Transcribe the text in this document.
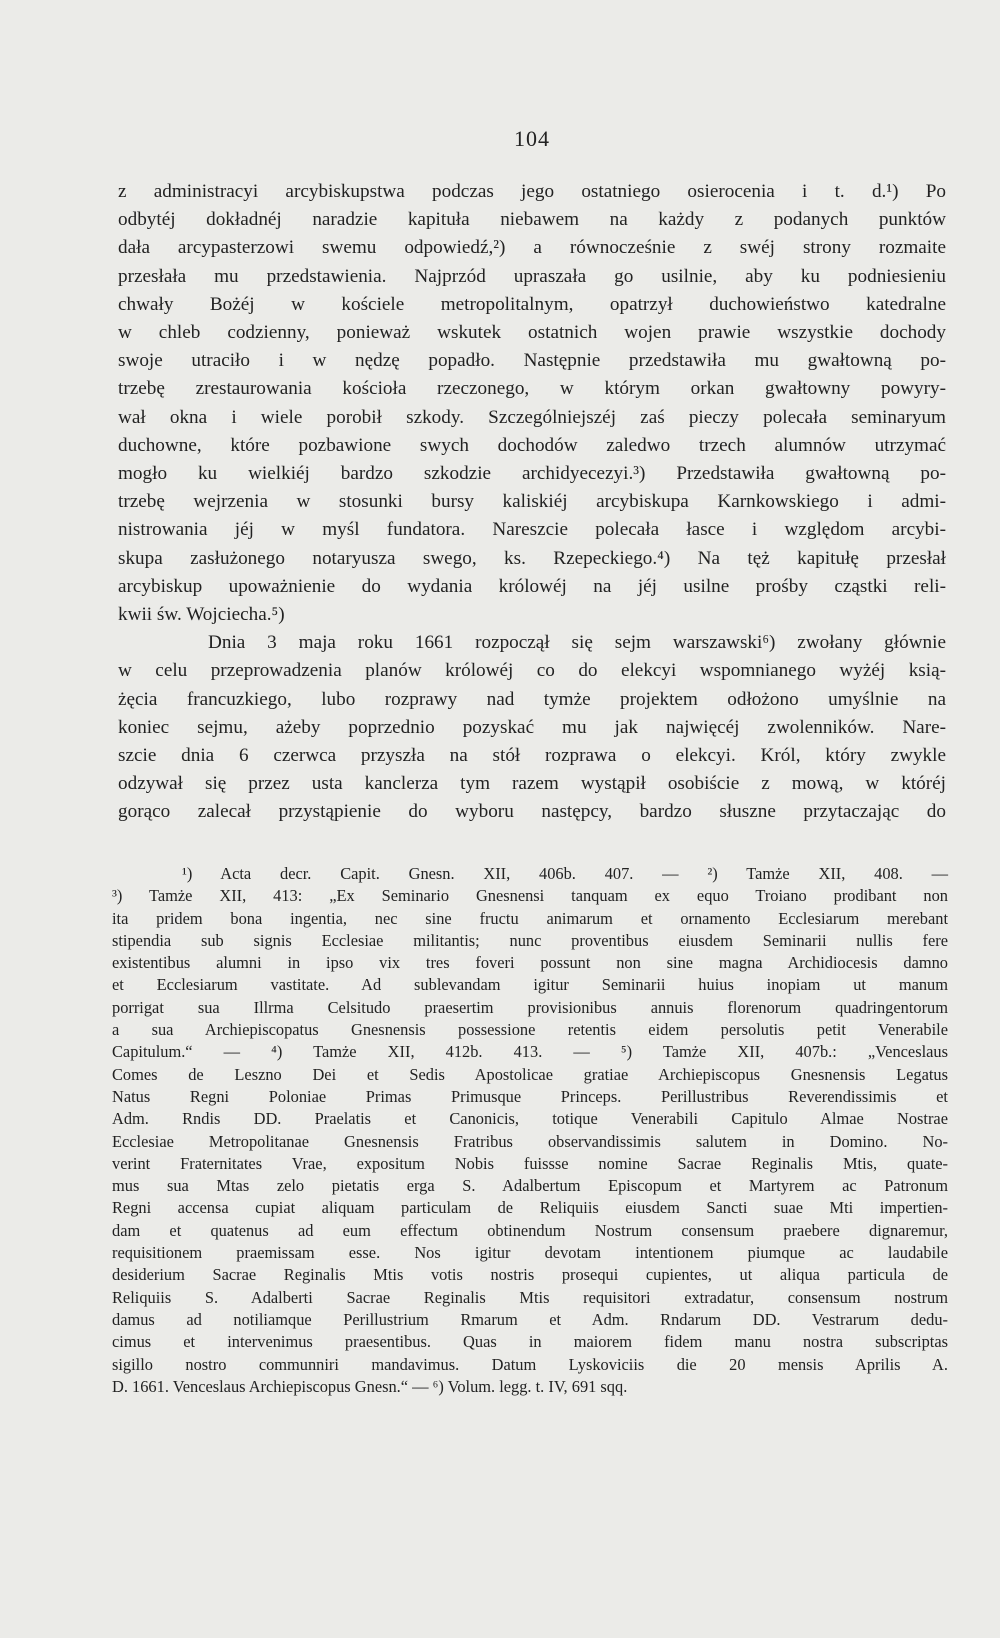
104
z administracyi arcybiskupstwa podczas jego ostatniego osierocenia i t. d.¹) Po
odbytéj dokładnéj naradzie kapituła niebawem na każdy z podanych punktów
dała arcypasterzowi swemu odpowiedź,²) a równocześnie z swéj strony rozmaite
przesłała mu przedstawienia. Najprzód upraszała go usilnie, aby ku podniesieniu
chwały Bożéj w kościele metropolitalnym, opatrzył duchowieństwo katedralne
w chleb codzienny, ponieważ wskutek ostatnich wojen prawie wszystkie dochody
swoje utraciło i w nędzę popadło. Następnie przedstawiła mu gwałtowną po-
trzebę zrestaurowania kościoła rzeczonego, w którym orkan gwałtowny powyry-
wał okna i wiele porobił szkody. Szczególniejszéj zaś pieczy polecała seminaryum
duchowne, które pozbawione swych dochodów zaledwo trzech alumnów utrzymać
mogło ku wielkiéj bardzo szkodzie archidyecezyi.³) Przedstawiła gwałtowną po-
trzebę wejrzenia w stosunki bursy kaliskiéj arcybiskupa Karnkowskiego i admi-
nistrowania jéj w myśl fundatora. Nareszcie polecała łasce i względom arcybi-
skupa zasłużonego notaryusza swego, ks. Rzepeckiego.⁴) Na tęż kapitułę przesłał
arcybiskup upoważnienie do wydania królowéj na jéj usilne prośby cząstki reli-
kwii św. Wojciecha.⁵)
Dnia 3 maja roku 1661 rozpoczął się sejm warszawski⁶) zwołany głównie
w celu przeprowadzenia planów królowéj co do elekcyi wspomnianego wyżéj ksią-
żęcia francuzkiego, lubo rozprawy nad tymże projektem odłożono umyślnie na
koniec sejmu, ażeby poprzednio pozyskać mu jak najwięcéj zwolenników. Nare-
szcie dnia 6 czerwca przyszła na stół rozprawa o elekcyi. Król, który zwykle
odzywał się przez usta kanclerza tym razem wystąpił osobiście z mową, w któréj
gorąco zalecał przystąpienie do wyboru następcy, bardzo słuszne przytaczając do
¹) Acta decr. Capit. Gnesn. XII, 406b. 407. — ²) Tamże XII, 408. —
³) Tamże XII, 413: „Ex Seminario Gnesnensi tanquam ex equo Troiano prodibant non
ita pridem bona ingentia, nec sine fructu animarum et ornamento Ecclesiarum merebant
stipendia sub signis Ecclesiae militantis; nunc proventibus eiusdem Seminarii nullis fere
existentibus alumni in ipso vix tres foveri possunt non sine magna Archidiocesis damno
et Ecclesiarum vastitate. Ad sublevandam igitur Seminarii huius inopiam ut manum
porrigat sua Illrma Celsitudo praesertim provisionibus annuis florenorum quadringentorum
a sua Archiepiscopatus Gnesnensis possessione retentis eidem persolutis petit Venerabile
Capitulum.“ — ⁴) Tamże XII, 412b. 413. — ⁵) Tamże XII, 407b.: „Venceslaus
Comes de Leszno Dei et Sedis Apostolicae gratiae Archiepiscopus Gnesnensis Legatus
Natus Regni Poloniae Primas Primusque Princeps. Perillustribus Reverendissimis et
Adm. Rndis DD. Praelatis et Canonicis, totique Venerabili Capitulo Almae Nostrae
Ecclesiae Metropolitanae Gnesnensis Fratribus observandissimis salutem in Domino. No-
verint Fraternitates Vrae, expositum Nobis fuissse nomine Sacrae Reginalis Mtis, quate-
mus sua Mtas zelo pietatis erga S. Adalbertum Episcopum et Martyrem ac Patronum
Regni accensa cupiat aliquam particulam de Reliquiis eiusdem Sancti suae Mti impertien-
dam et quatenus ad eum effectum obtinendum Nostrum consensum praebere dignaremur,
requisitionem praemissam esse. Nos igitur devotam intentionem piumque ac laudabile
desiderium Sacrae Reginalis Mtis votis nostris prosequi cupientes, ut aliqua particula de
Reliquiis S. Adalberti Sacrae Reginalis Mtis requisitori extradatur, consensum nostrum
damus ad notiliamque Perillustrium Rmarum et Adm. Rndarum DD. Vestrarum dedu-
cimus et intervenimus praesentibus. Quas in maiorem fidem manu nostra subscriptas
sigillo nostro communniri mandavimus. Datum Lyskoviciis die 20 mensis Aprilis A.
D. 1661. Venceslaus Archiepiscopus Gnesn.“ — ⁶) Volum. legg. t. IV, 691 sqq.
